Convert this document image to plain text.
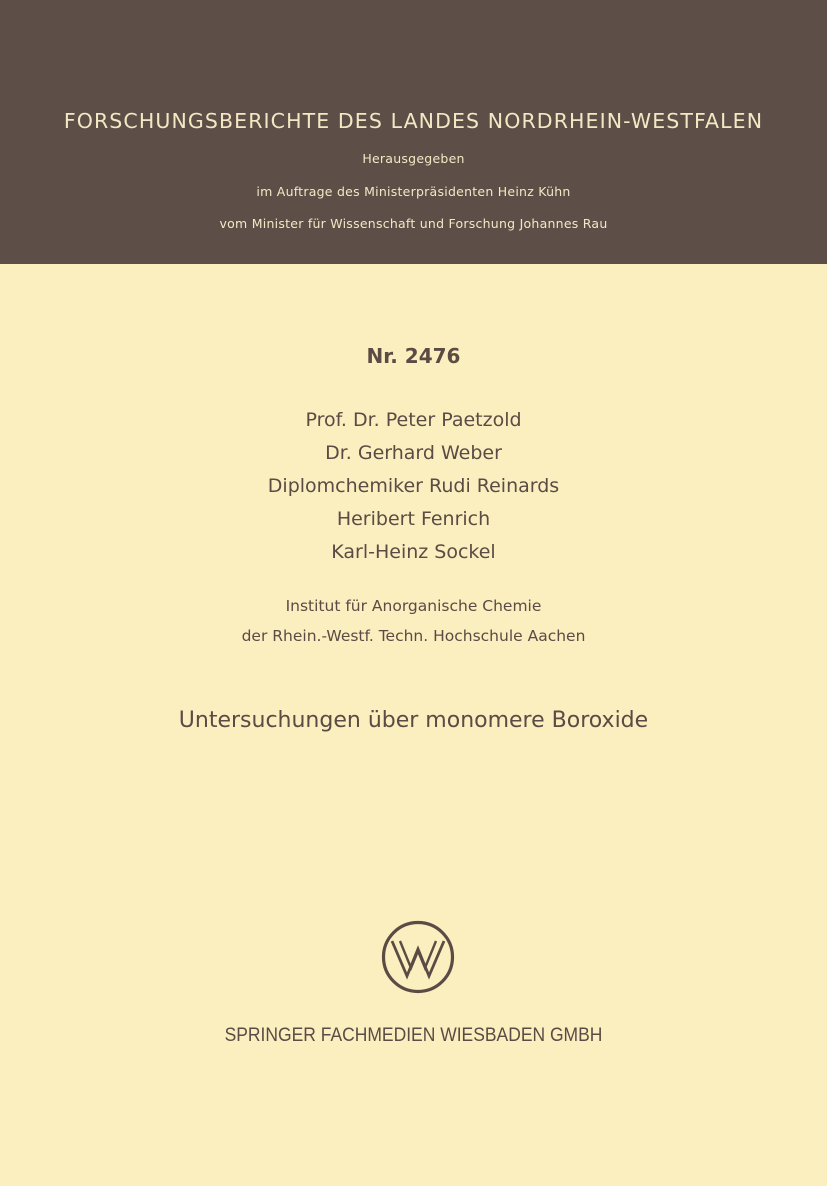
FORSCHUNGSBERICHTE DES LANDES NORDRHEIN-WESTFALEN
Herausgegeben
im Auftrage des Ministerpräsidenten Heinz Kühn
vom Minister für Wissenschaft und Forschung Johannes Rau
Nr. 2476
Prof. Dr. Peter Paetzold
Dr. Gerhard Weber
Diplomchemiker Rudi Reinards
Heribert Fenrich
Karl-Heinz Sockel
Institut für Anorganische Chemie
der Rhein.-Westf. Techn. Hochschule Aachen
Untersuchungen über monomere Boroxide
SPRINGER FACHMEDIEN WIESBADEN GMBH
